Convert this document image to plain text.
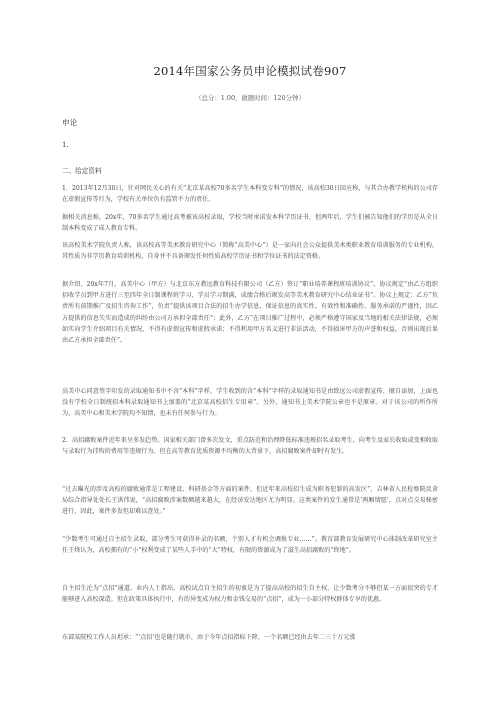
2014年国家公务员申论模拟试卷907
（总分：1.00，做题时间：120分钟）
申论
1.
二、给定资料

1．2013年12月30日，针对网民关心的有关“北京某高校70多名学生本科变专科”的情况，该高校30日回应称，与其合办教学机构的公司存在虚假宣传等行为，学校有关单位负有监管不力的责任。

据相关消息称，20x年，70多名学生通过高考被该高校录取，学校当时承诺发本科学历证书，但两年后，学生们被告知他们的学历是从全日制本科变成了成人教育专科。

该高校美术学院负责人称，该高校高等美术教育研究中心（简称“高美中心”）是一家向社会公众提供美术类职业教育培训服务的专业机构，其性质为非学历教育培训机构，自身并不具备颁发任何性质高校学历证书和学位证书的法定资格。

据介绍，20x年7月，高美中心（甲方）与北京东方教远教育科技有限公司（乙方）签订“职业培养课程班培训协议”。协议规定“由乙方组织招收学员到甲方进行三至四年全日制课程班学习，学员学习期满，成绩合格后颁发高等美术教育研究中心结业证书”。协议上规定：乙方“负责所有前期推广及招生咨询工作”，负责“提供该项目合法的招生办学信息，保证信息的真实性、有效性和准确性、服务承诺的严谨性，因乙方提供的信息失实而造成的纠纷由公司方承担全部责任”；此外，乙方“在项目推广过程中，必须严格遵守国家及当地的相关法律法规，必须如实向学生介绍项目有关情况，不得有虚假宣传和虚假承诺；不得利用甲方名义进行非法活动，不得损害甲方的声誉和权益，否则出现后果由乙方承担全部责任”。

高美中心同意签字印发的录取通知书中不含“本科”字样，学生收到的含“本科”字样的录取通知书是由致远公司虚假宣传、擅自添加，上面也没有学校全日制统招本科录取通知书上加盖的“北京某高校招生专用章”。另外，通知书上美术学院公章也不是原章。对于该公司的所作所为，高美中心和美术学院均不知情，也未有任何参与行为。

2．高招腐败案件近年来呈多发趋势。国家相关部门曾多次发文，重点防范和治理降低标准违规招名录取考生、向考生及家长收取或变相收取与录取行为挂钩的费用等违规行为。但在高等教育优质资源不均衡的大背景下，高招腐败案件却时有发生。

“过去曝光的涉及高校的腐败通常是工程建设、科研基金等方面的案件，但近年来高校招生成为职务犯罪的高发区”，吉林省人民检察院反贪局综合指导处处长王洪伟说，“高招腐败涉案数额越来越大，在经济发达地区尤为明显。这类案件的发生通常是‘两厢情愿’，点对点交易秘密进行，因此，案件多发但却难以查处。”

“少数考生可通过自主招生录取，部分考生可获得补录的名额，个别人才有机会调换专业……”。教育部教育发展研究中心体制改革研究室主任王烽认为，高校拥有的“小”权利变成了某些人手中的“大”特权，有限的资源成为了滋生高招腐败的“终地”。

自主招生沦为“点招”通道。业内人士指出，高校试点自主招生的初衷是为了提高高校的招生自主权，让少数考分不够但某一方面很突的专才能够进入高校深造。但在政策具体执行中，有的异变成为权力和金钱交易的“点招”，成为一小部分特权群体专享的优惠。

东部某院校工作人员坦承：“‘点招’也是随行就市，由于今年点招指标下降，一个名额已经由去年二三十万元涨
